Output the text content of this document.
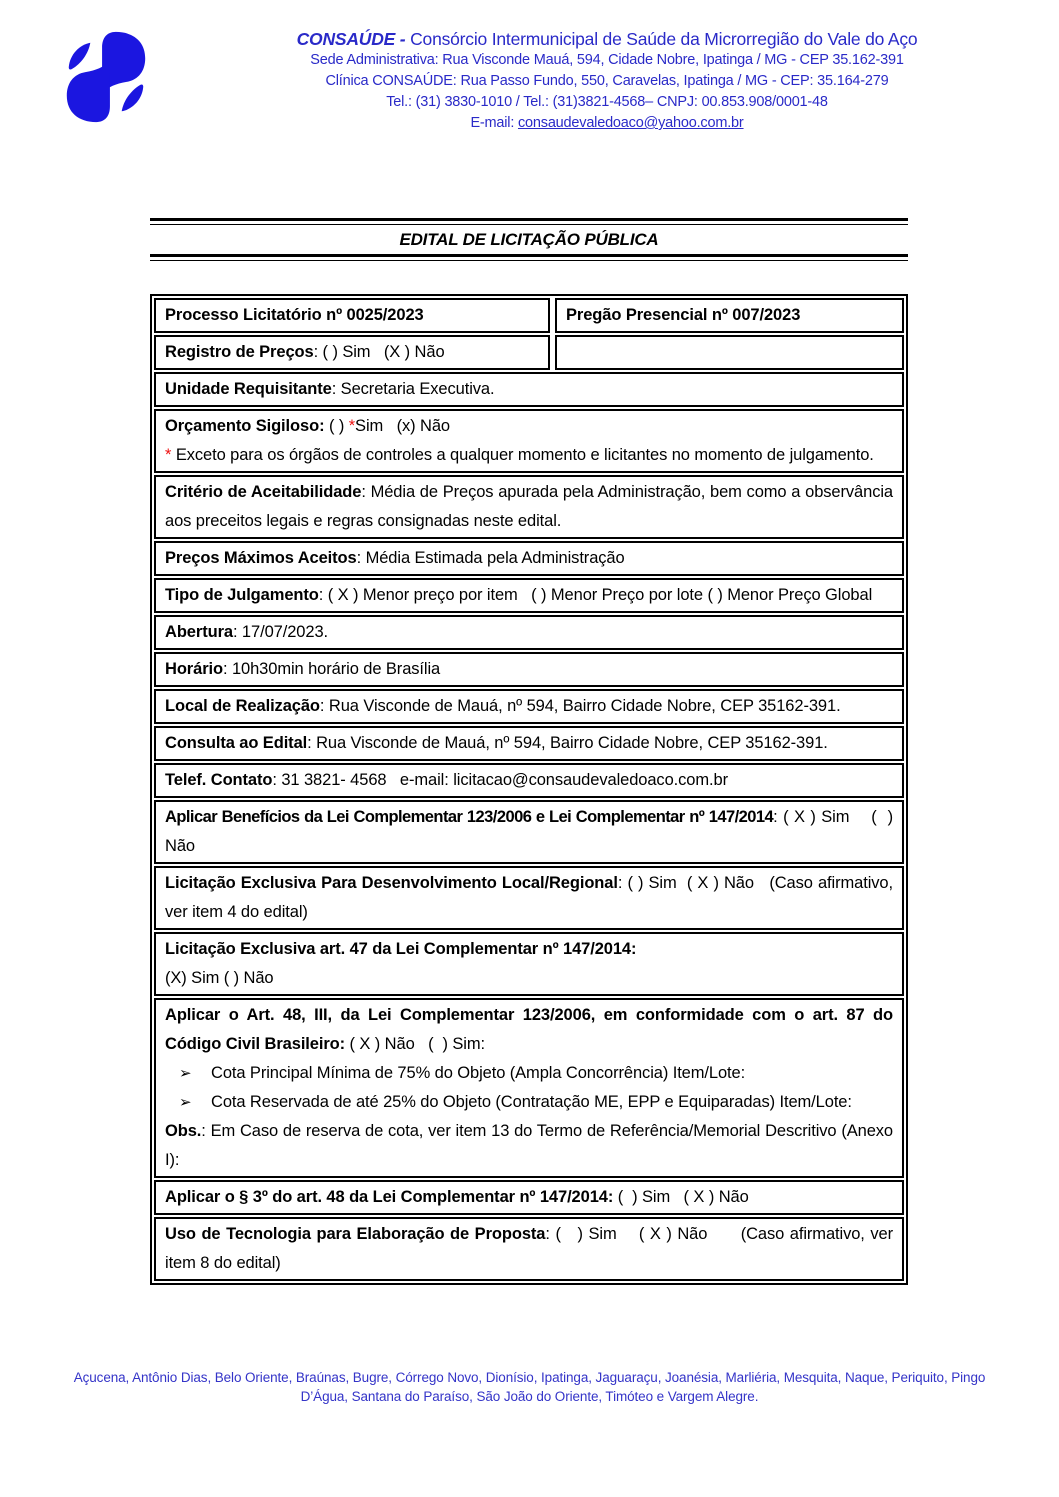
CONSAÚDE - Consórcio Intermunicipal de Saúde da Microrregião do Vale do Aço
Sede Administrativa: Rua Visconde Mauá, 594, Cidade Nobre, Ipatinga / MG - CEP 35.162-391
Clínica CONSAÚDE: Rua Passo Fundo, 550, Caravelas, Ipatinga / MG - CEP: 35.164-279
Tel.: (31) 3830-1010 / Tel.: (31)3821-4568– CNPJ: 00.853.908/0001-48
E-mail: consaudevaledoaco@yahoo.com.br
EDITAL DE LICITAÇÃO PÚBLICA

Processo Licitatório nº 0025/2023	Pregão Presencial nº 007/2023

Registro de Preços: ( ) Sim   (X ) Não

Unidade Requisitante: Secretaria Executiva.

Orçamento Sigiloso: ( ) *Sim   (x) Não

* Exceto para os órgãos de controles a qualquer momento e licitantes no momento de julgamento.

Critério de Aceitabilidade: Média de Preços apurada pela Administração, bem como a observância aos preceitos legais e regras consignadas neste edital.

Preços Máximos Aceitos: Média Estimada pela Administração

Tipo de Julgamento: ( X ) Menor preço por item   ( ) Menor Preço por lote ( ) Menor Preço Global

Abertura: 17/07/2023.

Horário: 10h30min horário de Brasília

Local de Realização: Rua Visconde de Mauá, nº 594, Bairro Cidade Nobre, CEP 35162-391.

Consulta ao Edital: Rua Visconde de Mauá, nº 594, Bairro Cidade Nobre, CEP 35162-391.

Telef. Contato: 31 3821- 4568   e-mail: licitacao@consaudevaledoaco.com.br

Aplicar Benefícios da Lei Complementar 123/2006 e Lei Complementar nº 147/2014: ( X ) Sim    (  ) Não

Licitação Exclusiva Para Desenvolvimento Local/Regional: ( ) Sim  ( X ) Não   (Caso afirmativo, ver item 4 do edital)

Licitação Exclusiva art. 47 da Lei Complementar nº 147/2014:

(X) Sim ( ) Não

Aplicar o Art. 48, III, da Lei Complementar 123/2006, em conformidade com o art. 87 do Código Civil Brasileiro: ( X ) Não   (  ) Sim:

➢ Cota Principal Mínima de 75% do Objeto (Ampla Concorrência) Item/Lote:

➢ Cota Reservada de até 25% do Objeto (Contratação ME, EPP e Equiparadas) Item/Lote:

Obs.: Em Caso de reserva de cota, ver item 13 do Termo de Referência/Memorial Descritivo (Anexo I):

Aplicar o § 3º do art. 48 da Lei Complementar nº 147/2014: (  ) Sim   ( X ) Não

Uso de Tecnologia para Elaboração de Proposta: (   ) Sim    ( X ) Não      (Caso afirmativo, ver item 8 do edital)

Açucena, Antônio Dias, Belo Oriente, Braúnas, Bugre, Córrego Novo, Dionísio, Ipatinga, Jaguaraçu, Joanésia, Marliéria, Mesquita, Naque, Periquito, Pingo D’Água, Santana do Paraíso, São João do Oriente, Timóteo e Vargem Alegre.
